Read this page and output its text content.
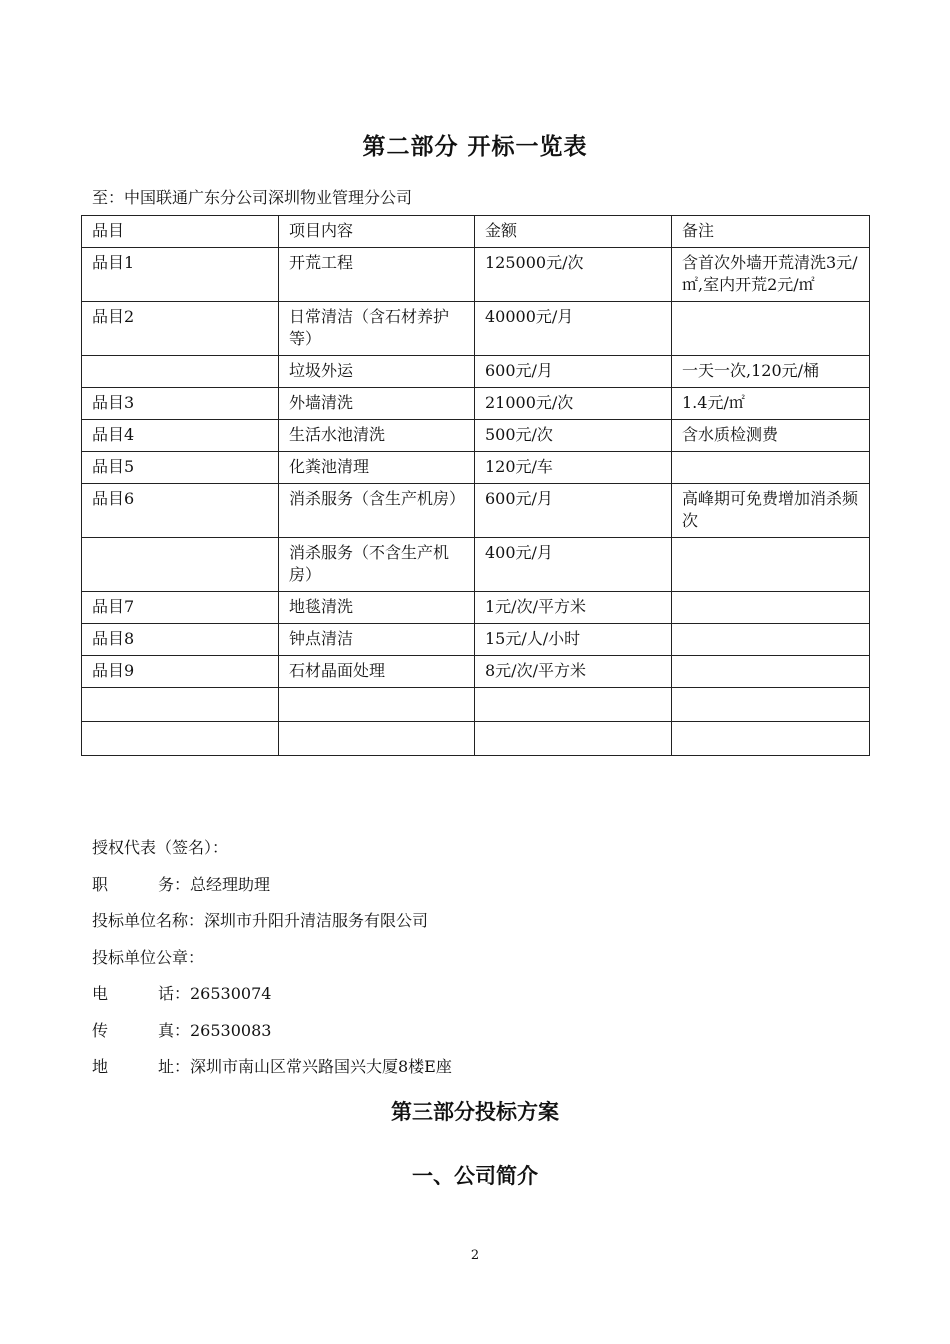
第二部分 开标一览表

至：中国联通广东分公司深圳物业管理分公司

品目	项目内容	金额	备注
品目1	开荒工程	125000元/次	含首次外墙开荒清洗3元/㎡,室内开荒2元/㎡
品目2	日常清洁（含石材养护等）	40000元/月	
	垃圾外运	600元/月	一天一次,120元/桶
品目3	外墙清洗	21000元/次	1.4元/㎡
品目4	生活水池清洗	500元/次	含水质检测费
品目5	化粪池清理	120元/车	
品目6	消杀服务（含生产机房）	600元/月	高峰期可免费增加消杀频次
	消杀服务（不含生产机房）	400元/月	
品目7	地毯清洗	1元/次/平方米	
品目8	钟点清洁	15元/人/小时	
品目9	石材晶面处理	8元/次/平方米	

授权代表（签名）：
职	务 ：总经理助理
投标单位名称：深圳市升阳升清洁服务有限公司
投标单位公章：
电	话 ：26530074
传	真 ：26530083
地	址 ：深圳市南山区常兴路国兴大厦8楼E座
第三部分投标方案
一、公司简介
2
